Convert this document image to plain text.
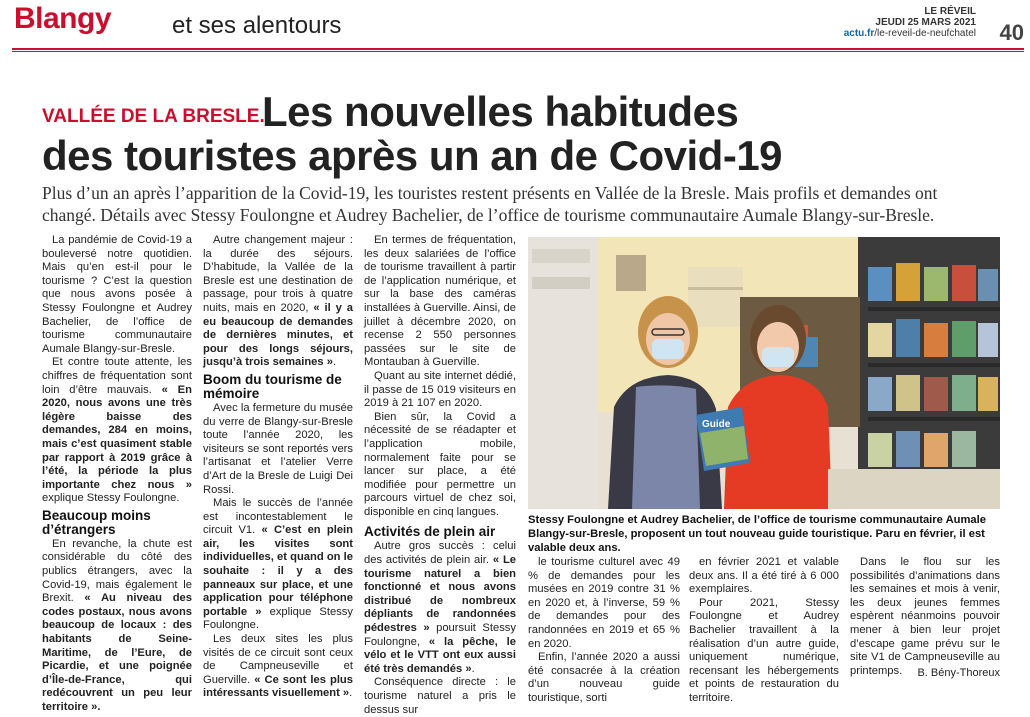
Blangy	et ses alentours
LE RÉVEIL
JEUDI 25 MARS 2021
actu.fr/le-reveil-de-neufchatel 40
VALLÉE DE LA BRESLE.
Les nouvelles habitudes
des touristes après un an de Covid-19
Plus d’un an après l’apparition de la Covid-19, les touristes restent présents en Vallée de la Bresle. Mais profils et demandes ont changé. Détails avec Stessy Foulongne et Audrey Bachelier, de l’office de tourisme communautaire Aumale Blangy-sur-Bresle.

La pandémie de Covid-19 a bouleversé notre quotidien. Mais qu’en est-il pour le tourisme ? C’est la question que nous avons posée à Stessy Foulongne et Audrey Bachelier, de l’office de tourisme communautaire Aumale Blangy-sur-Bresle.

Et contre toute attente, les chiffres de fréquentation sont loin d’être mauvais. « En 2020, nous avons une très légère baisse des demandes, 284 en moins, mais c’est quasiment stable par rapport à 2019 grâce à l’été, la période la plus importante chez nous » explique Stessy Foulongne.

Beaucoup moins d’étrangers

En revanche, la chute est considérable du côté des publics étrangers, avec la Covid-19, mais également le Brexit. « Au niveau des codes postaux, nous avons beaucoup de locaux : des habitants de Seine-Maritime, de l’Eure, de Picardie, et une poignée d’Île-de-France, qui redécouvrent un peu leur territoire ».

Autre changement majeur : la durée des séjours. D’habitude, la Vallée de la Bresle est une destination de passage, pour trois à quatre nuits, mais en 2020, « il y a eu beaucoup de demandes de dernières minutes, et pour des longs séjours, jusqu’à trois semaines ».

Boom du tourisme de mémoire

Avec la fermeture du musée du verre de Blangy-sur-Bresle toute l’année 2020, les visiteurs se sont reportés vers l’artisanat et l’atelier Verre d’Art de la Bresle de Luigi Dei Rossi.

Mais le succès de l’année est incontestablement le circuit V1. « C’est en plein air, les visites sont individuelles, et quand on le souhaite : il y a des panneaux sur place, et une application pour téléphone portable » explique Stessy Foulongne.

Les deux sites les plus visités de ce circuit sont ceux de Campneuseville et Guerville. « Ce sont les plus intéressants visuellement ».

En termes de fréquentation, les deux salariées de l’office de tourisme travaillent à partir de l’application numérique, et sur la base des caméras installées à Guerville. Ainsi, de juillet à décembre 2020, on recense 2 550 personnes passées sur le site de Montauban à Guerville.

Quant au site internet dédié, il passe de 15 019 visiteurs en 2019 à 21 107 en 2020.

Bien sûr, la Covid a nécessité de se réadapter et l’application mobile, normalement faite pour se lancer sur place, a été modifiée pour permettre un parcours virtuel de chez soi, disponible en cinq langues.

Activités de plein air

Autre gros succès : celui des activités de plein air. « Le tourisme naturel a bien fonctionné et nous avons distribué de nombreux dépliants de randonnées pédestres » poursuit Stessy Foulongne, « la pêche, le vélo et le VTT ont eux aussi été très demandés ».

Conséquence directe : le tourisme naturel a pris le dessus sur

Guide
Stessy Foulongne et Audrey Bachelier, de l’office de tourisme communautaire Aumale Blangy-sur-Bresle, proposent un tout nouveau guide touristique. Paru en février, il est valable deux ans.

le tourisme culturel avec 49 % de demandes pour les musées en 2019 contre 31 % en 2020 et, à l’inverse, 59 % de demandes pour des randonnées en 2019 et 65 % en 2020.

Enfin, l’année 2020 a aussi été consacrée à la création d’un nouveau guide touristique, sorti

en février 2021 et valable deux ans. Il a été tiré à 6 000 exemplaires.

Pour 2021, Stessy Foulongne et Audrey Bachelier travaillent à la réalisation d’un autre guide, uniquement numérique, recensant les hébergements et points de restauration du territoire.

Dans le flou sur les possibilités d’animations dans les semaines et mois à venir, les deux jeunes femmes espèrent néanmoins pouvoir mener à bien leur projet d’escape game prévu sur le site V1 de Campneuseville au printemps.	B. Bény-Thoreux
